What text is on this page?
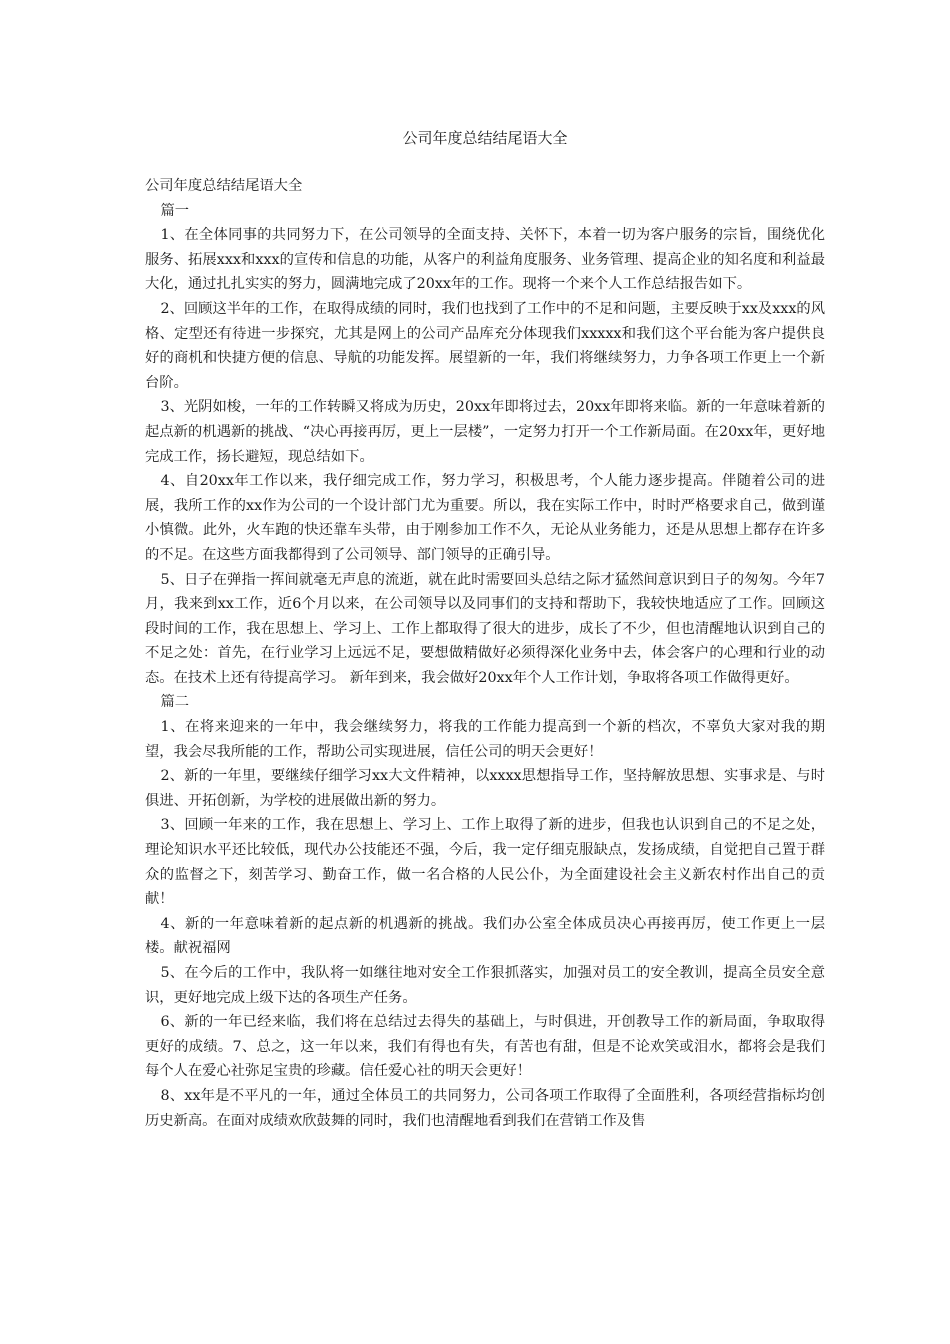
公司年度总结结尾语大全

公司年度总结结尾语大全

篇一

1、在全体同事的共同努力下，在公司领导的全面支持、关怀下，本着一切为客户服务的宗旨，围绕优化服务、拓展xxx和xxx的宣传和信息的功能，从客户的利益角度服务、业务管理、提高企业的知名度和利益最大化，通过扎扎实实的努力，圆满地完成了20xx年的工作。现将一个来个人工作总结报告如下。

2、回顾这半年的工作，在取得成绩的同时，我们也找到了工作中的不足和问题，主要反映于xx及xxx的风格、定型还有待进一步探究，尤其是网上的公司产品库充分体现我们xxxxx和我们这个平台能为客户提供良好的商机和快捷方便的信息、导航的功能发挥。展望新的一年，我们将继续努力，力争各项工作更上一个新台阶。

3、光阴如梭，一年的工作转瞬又将成为历史，20xx年即将过去，20xx年即将来临。新的一年意味着新的起点新的机遇新的挑战、“决心再接再厉，更上一层楼”，一定努力打开一个工作新局面。在20xx年，更好地完成工作，扬长避短，现总结如下。

4、自20xx年工作以来，我仔细完成工作，努力学习，积极思考，个人能力逐步提高。伴随着公司的进展，我所工作的xx作为公司的一个设计部门尤为重要。所以，我在实际工作中，时时严格要求自己，做到谨小慎微。此外，火车跑的快还靠车头带，由于刚参加工作不久，无论从业务能力，还是从思想上都存在许多的不足。在这些方面我都得到了公司领导、部门领导的正确引导。

5、日子在弹指一挥间就毫无声息的流逝，就在此时需要回头总结之际才猛然间意识到日子的匆匆。今年7月，我来到xx工作，近6个月以来，在公司领导以及同事们的支持和帮助下，我较快地适应了工作。回顾这段时间的工作，我在思想上、学习上、工作上都取得了很大的进步，成长了不少，但也清醒地认识到自己的不足之处：首先，在行业学习上远远不足，要想做精做好必须得深化业务中去，体会客户的心理和行业的动态。在技术上还有待提高学习。 新年到来，我会做好20xx年个人工作计划，争取将各项工作做得更好。

篇二

1、在将来迎来的一年中，我会继续努力，将我的工作能力提高到一个新的档次，不辜负大家对我的期望，我会尽我所能的工作，帮助公司实现进展，信任公司的明天会更好！

2、新的一年里，要继续仔细学习xx大文件精神，以xxxx思想指导工作，坚持解放思想、实事求是、与时俱进、开拓创新，为学校的进展做出新的努力。

3、回顾一年来的工作，我在思想上、学习上、工作上取得了新的进步，但我也认识到自己的不足之处，理论知识水平还比较低，现代办公技能还不强，今后，我一定仔细克服缺点，发扬成绩，自觉把自己置于群众的监督之下，刻苦学习、勤奋工作，做一名合格的人民公仆，为全面建设社会主义新农村作出自己的贡献！

4、新的一年意味着新的起点新的机遇新的挑战。我们办公室全体成员决心再接再厉，使工作更上一层楼。献祝福网

5、在今后的工作中，我队将一如继往地对安全工作狠抓落实，加强对员工的安全教训，提高全员安全意识，更好地完成上级下达的各项生产任务。

6、新的一年已经来临，我们将在总结过去得失的基础上，与时俱进，开创教导工作的新局面，争取取得更好的成绩。7、总之，这一年以来，我们有得也有失，有苦也有甜，但是不论欢笑或泪水，都将会是我们每个人在爱心社弥足宝贵的珍藏。信任爱心社的明天会更好！

8、xx年是不平凡的一年，通过全体员工的共同努力，公司各项工作取得了全面胜利，各项经营指标均创历史新高。在面对成绩欢欣鼓舞的同时，我们也清醒地看到我们在营销工作及售
